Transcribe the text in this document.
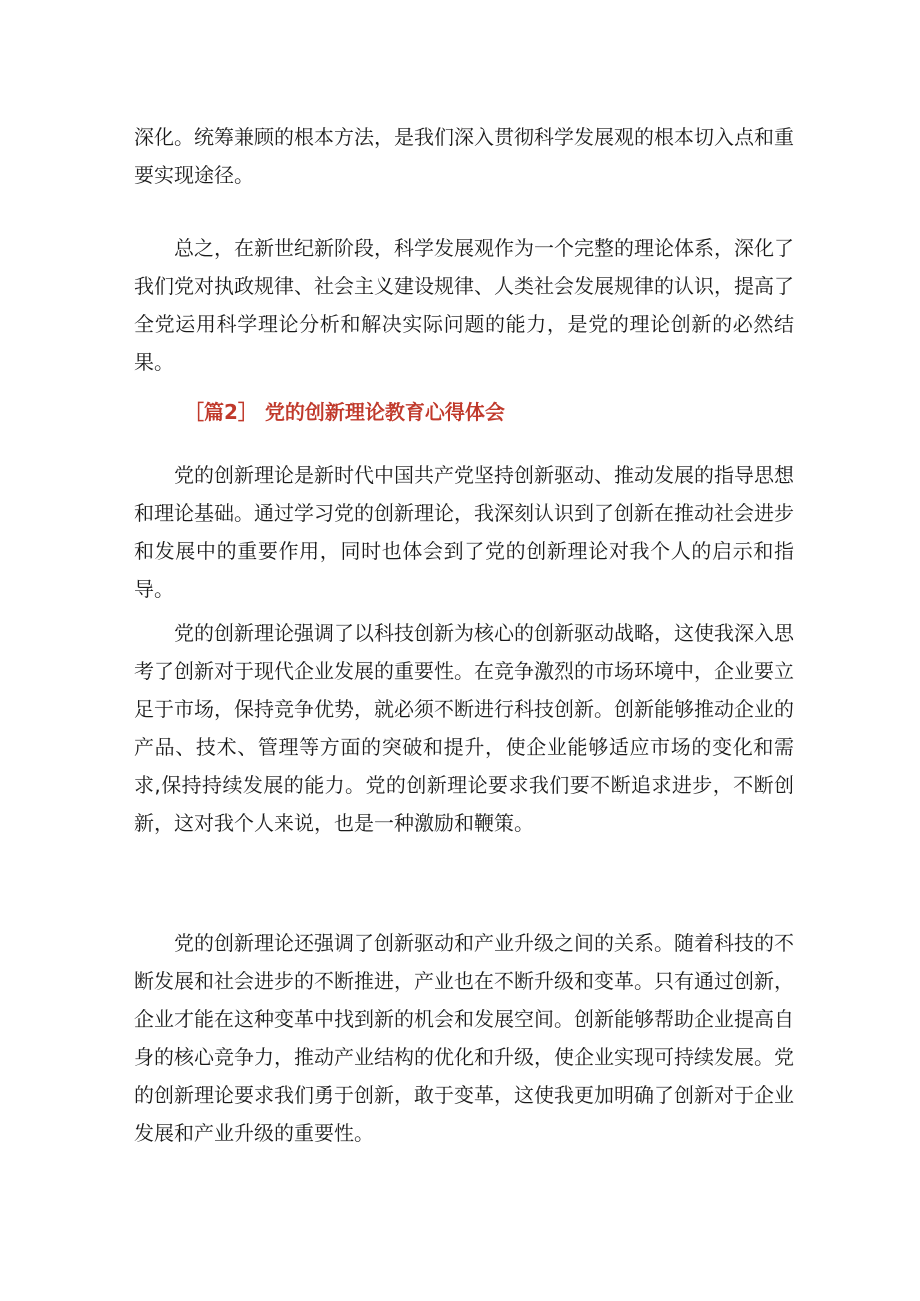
深化。统筹兼顾的根本方法，是我们深入贯彻科学发展观的根本切入点和重要实现途径。

总之，在新世纪新阶段，科学发展观作为一个完整的理论体系，深化了我们党对执政规律、社会主义建设规律、人类社会发展规律的认识，提高了全党运用科学理论分析和解决实际问题的能力，是党的理论创新的必然结果。

［篇2］ 党的创新理论教育心得体会

党的创新理论是新时代中国共产党坚持创新驱动、推动发展的指导思想和理论基础。通过学习党的创新理论，我深刻认识到了创新在推动社会进步和发展中的重要作用，同时也体会到了党的创新理论对我个人的启示和指导。

党的创新理论强调了以科技创新为核心的创新驱动战略，这使我深入思考了创新对于现代企业发展的重要性。在竞争激烈的市场环境中，企业要立足于市场，保持竞争优势，就必须不断进行科技创新。创新能够推动企业的产品、技术、管理等方面的突破和提升，使企业能够适应市场的变化和需求,保持持续发展的能力。党的创新理论要求我们要不断追求进步，不断创新，这对我个人来说，也是一种激励和鞭策。

党的创新理论还强调了创新驱动和产业升级之间的关系。随着科技的不断发展和社会进步的不断推进，产业也在不断升级和变革。只有通过创新，企业才能在这种变革中找到新的机会和发展空间。创新能够帮助企业提高自身的核心竞争力，推动产业结构的优化和升级，使企业实现可持续发展。党的创新理论要求我们勇于创新，敢于变革，这使我更加明确了创新对于企业发展和产业升级的重要性。
